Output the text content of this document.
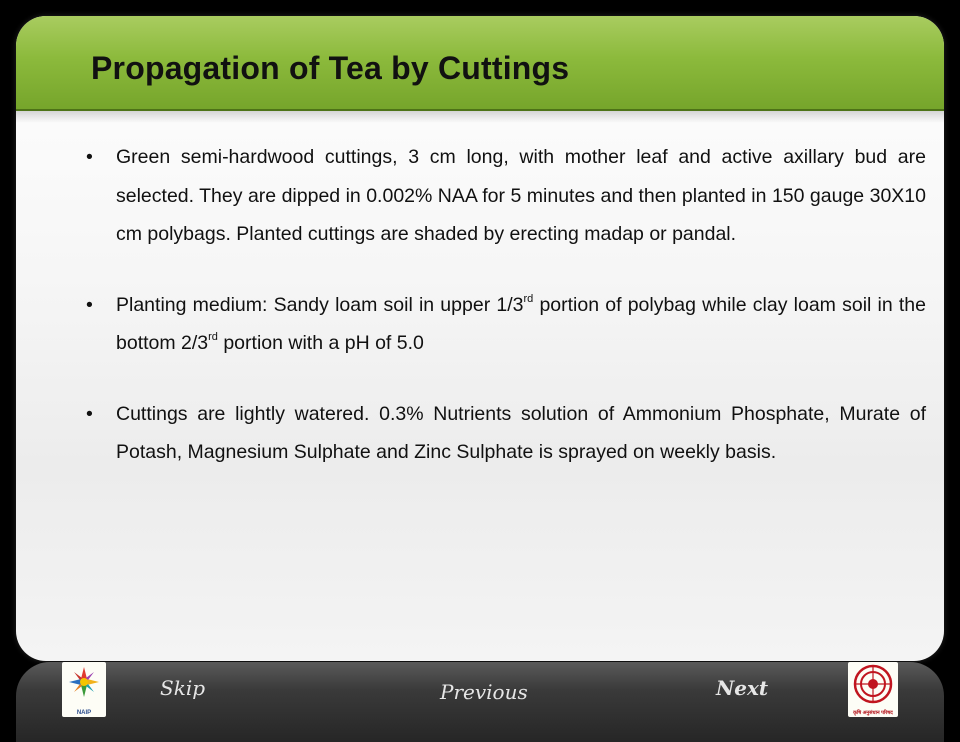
Propagation of Tea by Cuttings

• Green semi-hardwood cuttings, 3 cm long, with mother leaf and active axillary bud are selected. They are dipped in 0.002% NAA for 5 minutes and then planted in 150 gauge 30X10 cm polybags. Planted cuttings are shaded by erecting madap or pandal.

• Planting medium: Sandy loam soil in upper 1/3rd portion of polybag while clay loam soil in the bottom 2/3rd portion with a pH of 5.0

• Cuttings are lightly watered. 0.3% Nutrients solution of Ammonium Phosphate, Murate of Potash, Magnesium Sulphate and Zinc Sulphate is sprayed on weekly basis.

NAIP
Skip	Previous	Next
कृषि अनुसंधान परिषद
